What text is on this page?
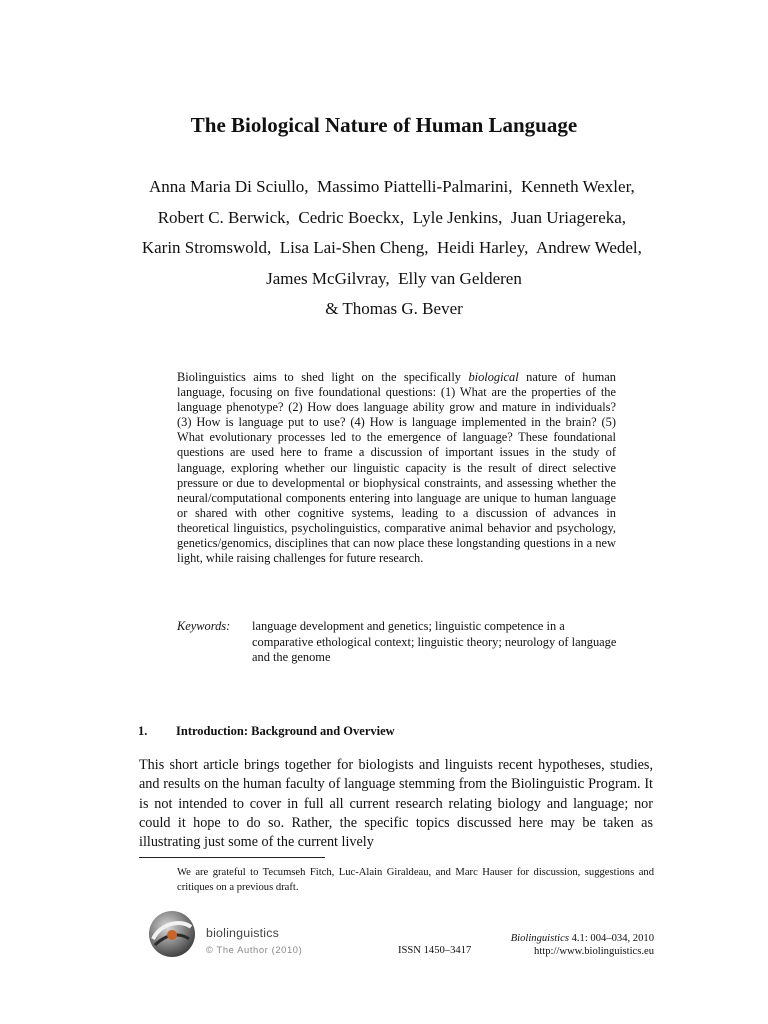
The Biological Nature of Human Language
Anna Maria Di Sciullo, Massimo Piattelli-Palmarini, Kenneth Wexler,  Robert C. Berwick, Cedric Boeckx, Lyle Jenkins, Juan Uriagereka,  Karin Stromswold, Lisa Lai-Shen Cheng, Heidi Harley, Andrew Wedel,  James McGilvray, Elly van Gelderen
& Thomas G. Bever
Biolinguistics aims to shed light on the specifically biological nature of human language, focusing on five foundational questions: (1) What are the properties of the language phenotype? (2) How does language ability grow and mature in individuals? (3) How is language put to use? (4) How is language implemented in the brain? (5) What evolutionary processes led to the emergence of language? These foundational questions are used here to frame a discussion of important issues in the study of language, exploring whether our linguistic capacity is the result of direct selective pressure or due to developmental or biophysical constraints, and assessing whether the neural/computational components entering into language are unique to human language or shared with other cognitive systems, leading to a discussion of advances in theoretical linguistics, psycholinguistics, comparative animal behavior and psychology, genetics/genomics, disciplines that can now place these longstanding questions in a new light, while raising challenges for future research.
Keywords: language development and genetics; linguistic competence in a comparative ethological context; linguistic theory; neurology of language and the genome
1. Introduction: Background and Overview
This short article brings together for biologists and linguists recent hypotheses, studies, and results on the human faculty of language stemming from the Biolinguistic Program. It is not intended to cover in full all current research relating biology and language; nor could it hope to do so. Rather, the specific topics discussed here may be taken as illustrating just some of the current lively
We are grateful to Tecumseh Fitch, Luc-Alain Giraldeau, and Marc Hauser for discussion, suggestions and critiques on a previous draft.
biolinguistics
© The Author (2010)	ISSN 1450–3417
Biolinguistics 4.1: 004–034, 2010
http://www.biolinguistics.eu
